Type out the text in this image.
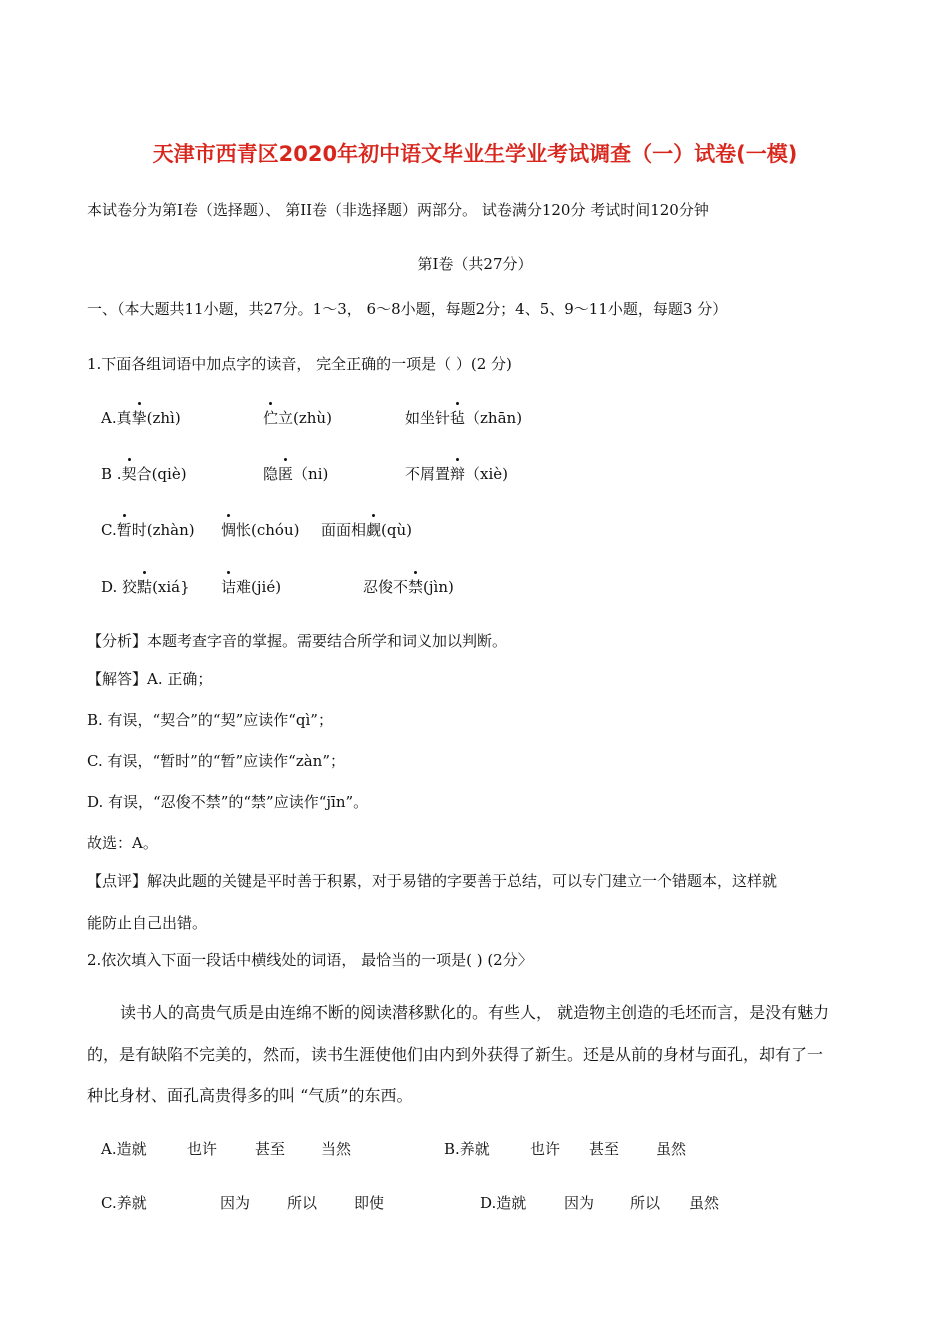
天津市西青区2020年初中语文毕业生学业考试调查（一）试卷(一模)
本试卷分为第Ⅰ卷（选择题）、 第II卷（非选择题）两部分。 试卷满分120分 考试时间120分钟
第Ⅰ卷（共27分）
一、（本大题共11小题，共27分。1～3， 6～8小题，每题2分；4、5、9～11小题，每题3 分）
1.下面各组词语中加点字的读音， 完全正确的一项是（ ）(2 分)
A.真挚(zhì)	伫立(zhù)	如坐针毡（zhān)
B .契合(qiè)	隐匿（ni)	不屑置辩（xiè)
C.暂时(zhàn) 惆怅(chóu) 面面相觑(qù)
D. 狡黠(xiá} 诘难(jié)	忍俊不禁(jìn)
【分析】本题考查字音的掌握。需要结合所学和词义加以判断。
【解答】A. 正确；
B. 有误，“契合”的“契”应读作“qì”；
C. 有误，“暂时”的“暂”应读作“zàn”；
D. 有误，“忍俊不禁”的“禁”应读作“jīn”。
故选：A。
【点评】解决此题的关键是平时善于积累，对于易错的字要善于总结，可以专门建立一个错题本，这样就
能防止自己出错。
2.依次填入下面一段话中横线处的词语， 最恰当的一项是( ) (2分〉
读书人的高贵气质是由连绵不断的阅读潜移默化的。有些人， 就造物主创造的毛坯而言，是没有魅力
的，是有缺陷不完美的，然而，读书生涯使他们由内到外获得了新生。还是从前的身材与面孔，却有了一
种比身材、面孔高贵得多的叫 “气质”的东西。
A.造就	也许	甚至 当然	B.养就	也许 甚至 虽然
C.养就	因为 所以 即使	D.造就	因为 所以 虽然
